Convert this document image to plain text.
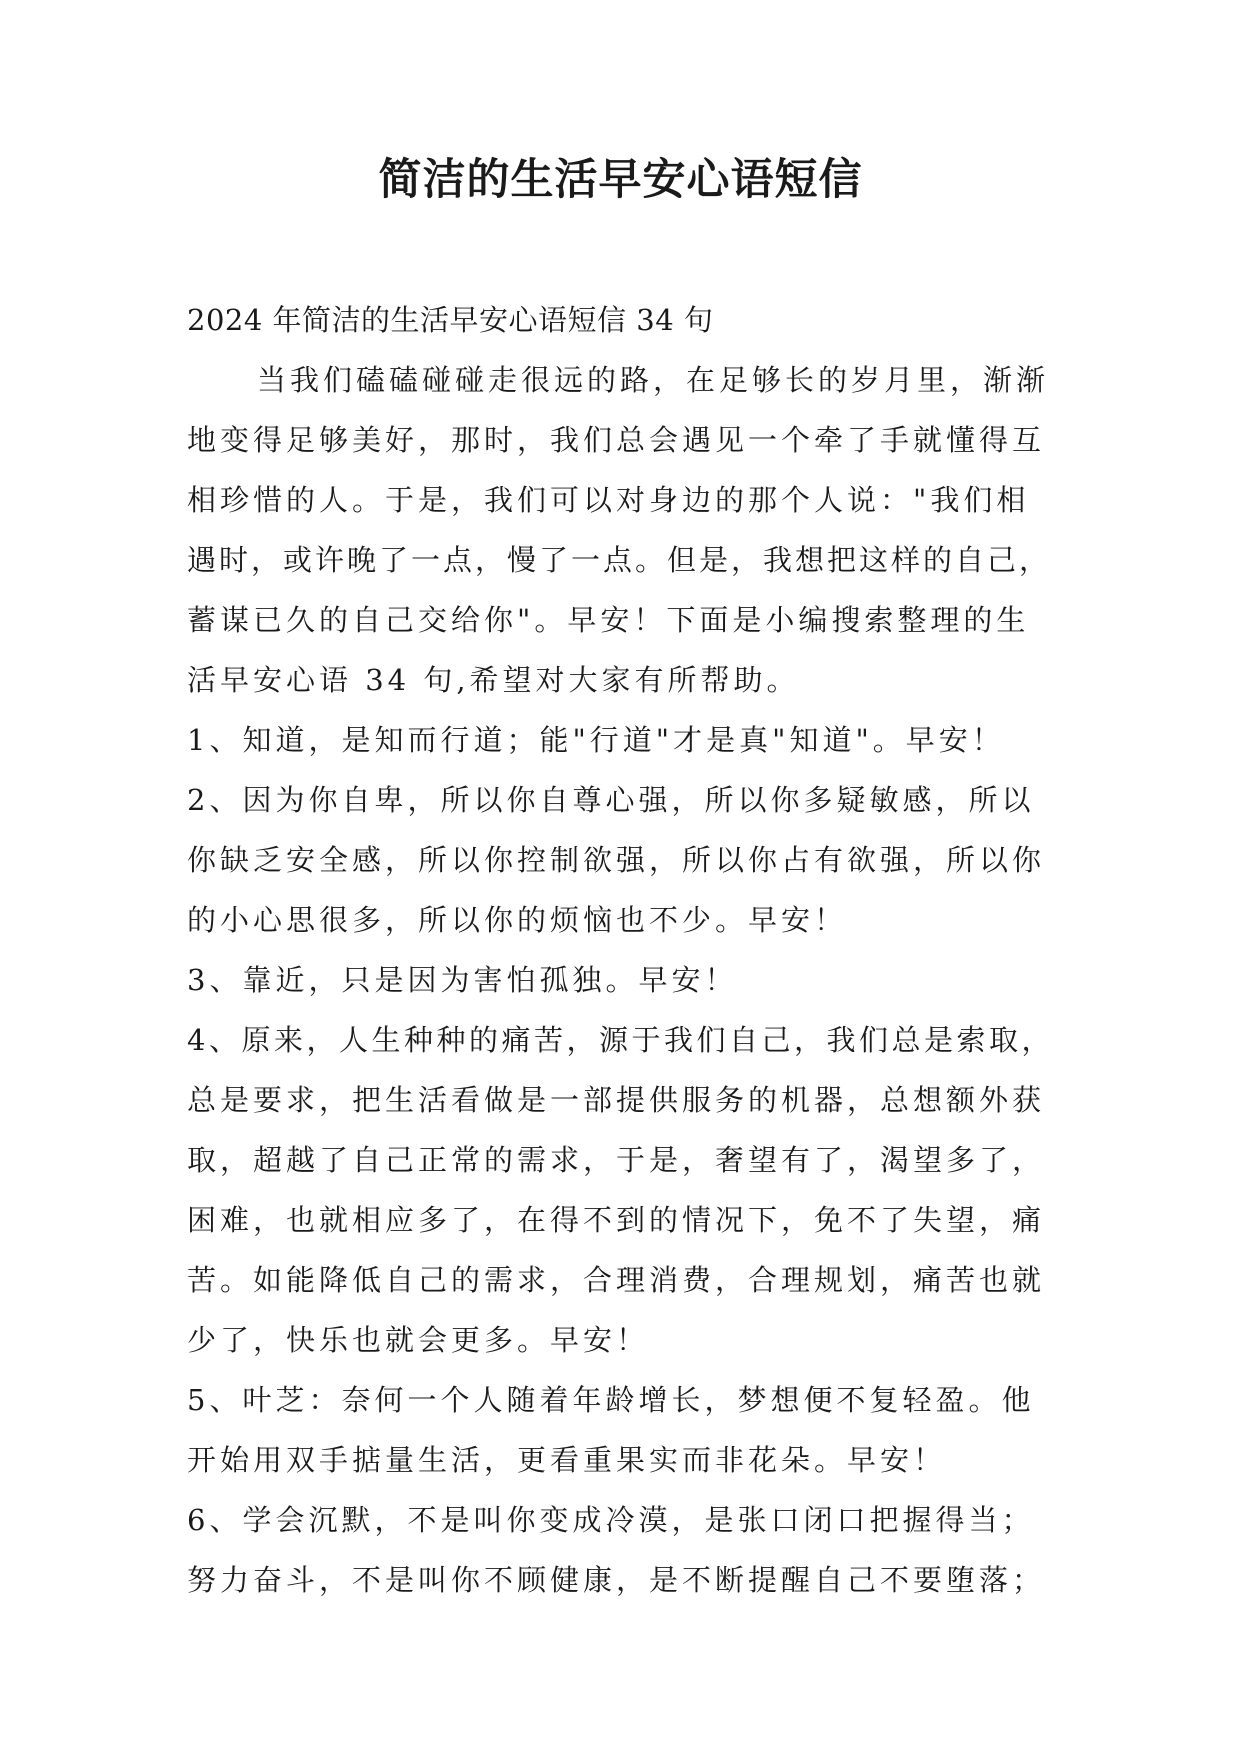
简洁的生活早安心语短信
2024 年简洁的生活早安心语短信 34 句
当我们磕磕碰碰走很远的路，在足够长的岁月里，渐渐
地变得足够美好，那时，我们总会遇见一个牵了手就懂得互
相珍惜的人。于是，我们可以对身边的那个人说："我们相
遇时，或许晚了一点，慢了一点。但是，我想把这样的自己，
蓄谋已久的自己交给你"。早安！下面是小编搜索整理的生
活早安心语 34 句,希望对大家有所帮助。
1、知道，是知而行道；能"行道"才是真"知道"。早安！
2、因为你自卑，所以你自尊心强，所以你多疑敏感，所以
你缺乏安全感，所以你控制欲强，所以你占有欲强，所以你
的小心思很多，所以你的烦恼也不少。早安！
3、靠近，只是因为害怕孤独。早安！
4、原来，人生种种的痛苦，源于我们自己，我们总是索取，
总是要求，把生活看做是一部提供服务的机器，总想额外获
取，超越了自己正常的需求，于是，奢望有了，渴望多了，
困难，也就相应多了，在得不到的情况下，免不了失望，痛
苦。如能降低自己的需求，合理消费，合理规划，痛苦也就
少了，快乐也就会更多。早安！
5、叶芝：奈何一个人随着年龄增长，梦想便不复轻盈。他
开始用双手掂量生活，更看重果实而非花朵。早安！
6、学会沉默，不是叫你变成冷漠，是张口闭口把握得当；
努力奋斗，不是叫你不顾健康，是不断提醒自己不要堕落；
